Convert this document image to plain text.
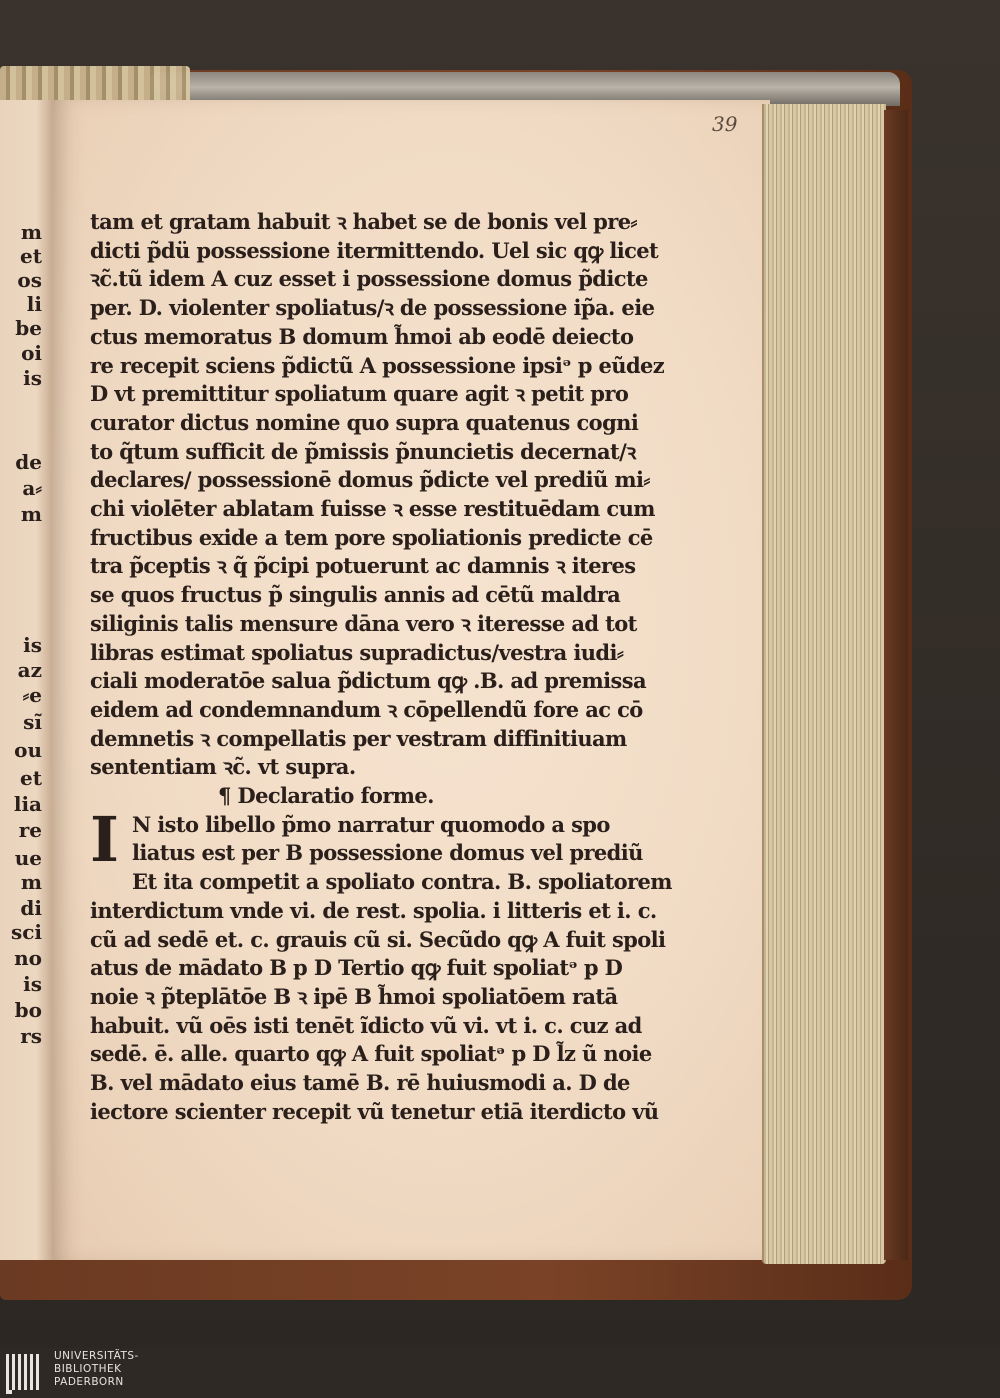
m

et

os

li

be

oi

is

de

a⸗

m

is

az

⸗e

sĩ

ou

et

lia

re

ue

m

di

sci

no

is

bo

rs

39

tam et gratam habuit ꝛ habet se de bonis vel pre⸗

dicti p̃dü possessione itermittendo. Uel sic qꝙ licet

ꝛc̃.tũ idem A cuz esset i possessione domus p̃dicte

per. D. violenter spoliatus/ꝛ de possessione ip̃a. eie

ctus memoratus B domum h̃moi ab eodē deiecto

re recepit sciens p̃dictũ A possessione ipsiᵊ p eũdez

D vt premittitur spoliatum quare agit ꝛ petit pro

curator dictus nomine quo supra quatenus cogni

to q̃tum sufficit de p̃missis p̃nuncietis decernat/ꝛ

declares/ possessionē domus p̃dicte vel prediũ mi⸗

chi violēter ablatam fuisse ꝛ esse restituēdam cum

fructibus exide a tem pore spoliationis predicte cē

tra p̃ceptis ꝛ q̃ p̃cipi potuerunt ac damnis ꝛ iteres

se quos fructus p̃ singulis annis ad cētũ maldra

siliginis talis mensure dāna vero ꝛ iteresse ad tot

libras estimat spoliatus supradictus/vestra iudi⸗

ciali moderatōe salua p̃dictum qꝙ .B. ad premissa

eidem ad condemnandum ꝛ cōpellendũ fore ac cō

demnetis ꝛ compellatis per vestram diffinitiuam

sententiam ꝛc̃. vt supra.

¶ Declaratio forme.

I N isto libello p̃mo narratur quomodo a spo

liatus est per B possessione domus vel prediũ

Et ita competit a spoliato contra. B. spoliatorem

interdictum vnde vi. de rest. spolia. i litteris et i. c.

cũ ad sedē et. c. grauis cũ si. Secũdo qꝙ A fuit spoli

atus de mādato B p D Tertio qꝙ fuit spoliatᵊ p D

noie ꝛ p̃teplātōe B ꝛ ipē B h̃moi spoliatōem ratā

habuit. vũ oēs isti tenēt ĩdicto vũ vi. vt i. c. cuz ad

sedē. ē. alle. quarto qꝙ A fuit spoliatᵊ p D l̃z ũ noie

B. vel mādato eius tamē B. rē huiusmodi a. D de

iectore scienter recepit vũ tenetur etiā iterdicto vũ

UNIVERSITÄTS-
BIBLIOTHEK
PADERBORN
